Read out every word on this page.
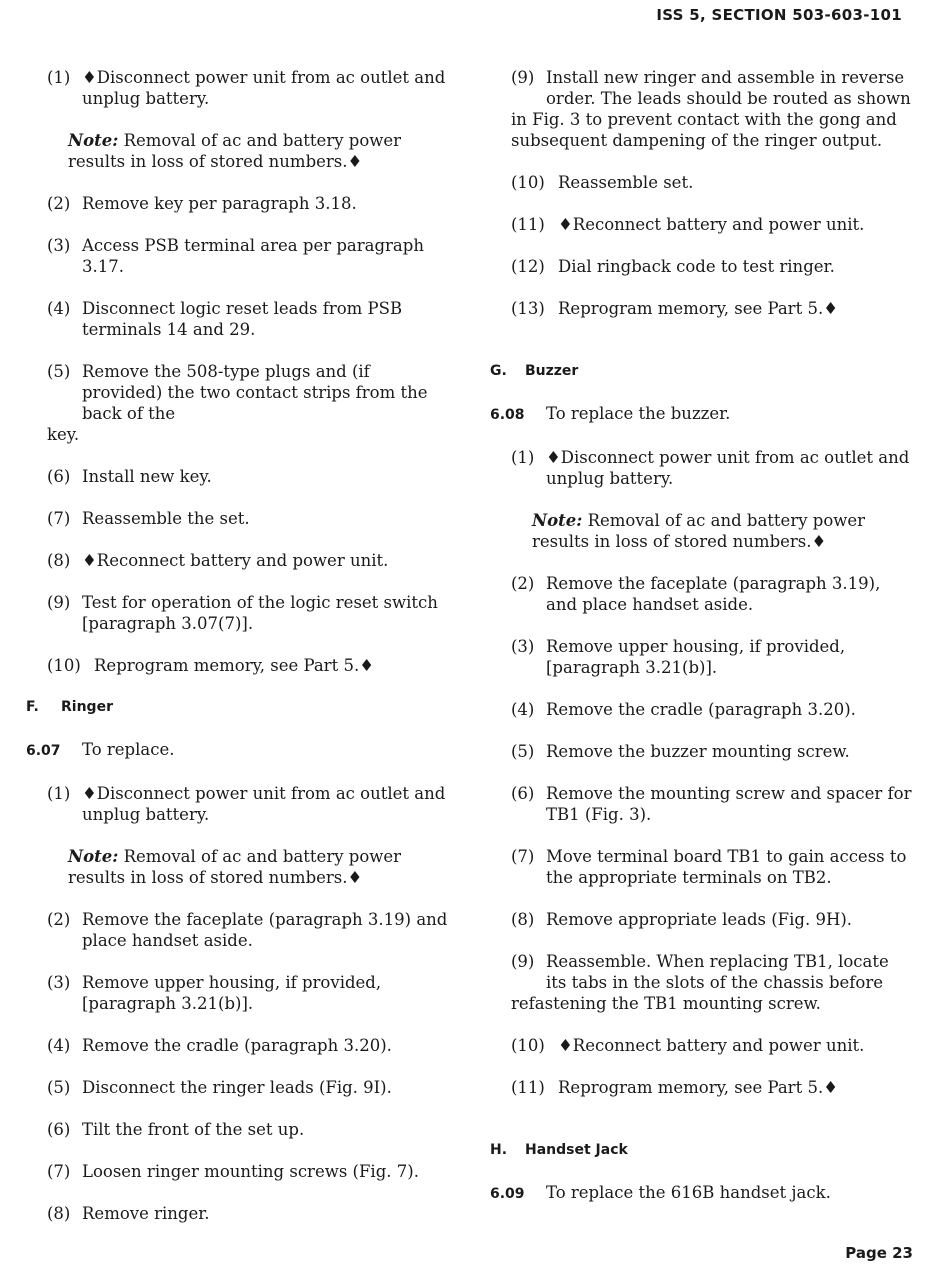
ISS 5, SECTION 503-603-101
(1) ♦Disconnect power unit from ac outlet and unplug battery.
Note: Removal of ac and battery power results in loss of stored numbers.♦
(2) Remove key per paragraph 3.18.
(3) Access PSB terminal area per paragraph 3.17.
(4) Disconnect logic reset leads from PSB terminals 14 and 29.
(5) Remove the 508-type plugs and (if provided) the two contact strips from the back of the
key.
(6) Install new key.
(7) Reassemble the set.
(8) ♦Reconnect battery and power unit.
(9) Test for operation of the logic reset switch [paragraph 3.07(7)].
(10) Reprogram memory, see Part 5.♦
F. Ringer
6.07 To replace.
(1) ♦Disconnect power unit from ac outlet and unplug battery.
Note: Removal of ac and battery power results in loss of stored numbers.♦
(2) Remove the faceplate (paragraph 3.19) and place handset aside.
(3) Remove upper housing, if provided, [paragraph 3.21(b)].
(4) Remove the cradle (paragraph 3.20).
(5) Disconnect the ringer leads (Fig. 9I).
(6) Tilt the front of the set up.
(7) Loosen ringer mounting screws (Fig. 7).
(8) Remove ringer.
(9) Install new ringer and assemble in reverse order. The leads should be routed as shown
in Fig. 3 to prevent contact with the gong and subsequent dampening of the ringer output.
(10) Reassemble set.
(11) ♦Reconnect battery and power unit.
(12) Dial ringback code to test ringer.
(13) Reprogram memory, see Part 5.♦
G. Buzzer
6.08 To replace the buzzer.
(1) ♦Disconnect power unit from ac outlet and unplug battery.
Note: Removal of ac and battery power results in loss of stored numbers.♦
(2) Remove the faceplate (paragraph 3.19), and place handset aside.
(3) Remove upper housing, if provided, [paragraph 3.21(b)].
(4) Remove the cradle (paragraph 3.20).
(5) Remove the buzzer mounting screw.
(6) Remove the mounting screw and spacer for TB1 (Fig. 3).
(7) Move terminal board TB1 to gain access to the appropriate terminals on TB2.
(8) Remove appropriate leads (Fig. 9H).
(9) Reassemble. When replacing TB1, locate its tabs in the slots of the chassis before
refastening the TB1 mounting screw.
(10) ♦Reconnect battery and power unit.
(11) Reprogram memory, see Part 5.♦
H. Handset Jack
6.09 To replace the 616B handset jack.
Page 23
